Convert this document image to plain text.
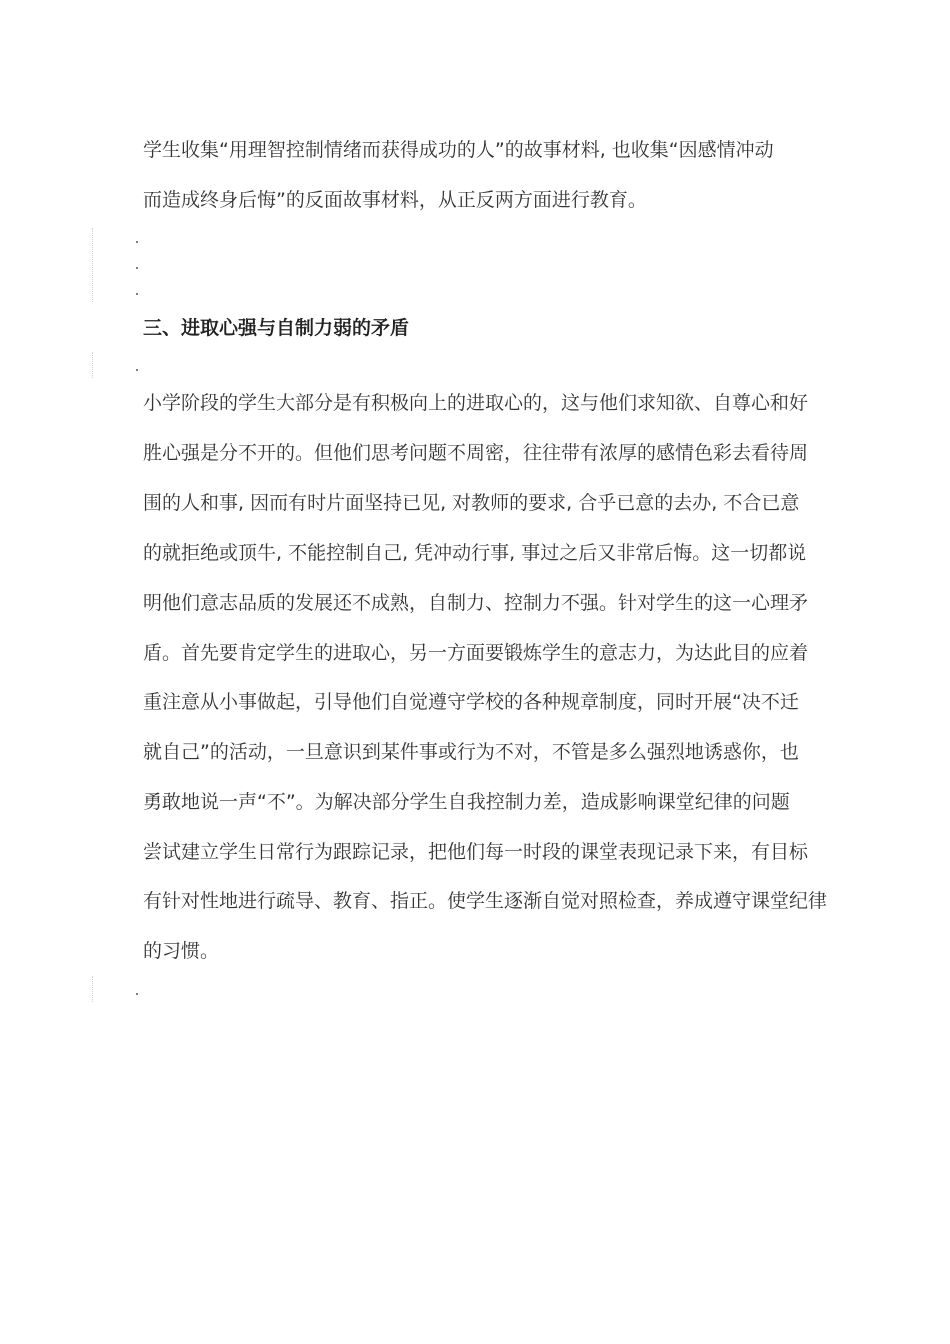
学生收集“用理智控制情绪而获得成功的人”的故事材料, 也收集“因感情冲动
而造成终身后悔”的反面故事材料，从正反两方面进行教育。
三、进取心强与自制力弱的矛盾
小学阶段的学生大部分是有积极向上的进取心的，这与他们求知欲、自尊心和好
胜心强是分不开的。但他们思考问题不周密，往往带有浓厚的感情色彩去看待周
围的人和事, 因而有时片面坚持已见, 对教师的要求, 合乎已意的去办, 不合已意
的就拒绝或顶牛, 不能控制自己, 凭冲动行事, 事过之后又非常后悔。这一切都说
明他们意志品质的发展还不成熟，自制力、控制力不强。针对学生的这一心理矛
盾。首先要肯定学生的进取心，另一方面要锻炼学生的意志力，为达此目的应着
重注意从小事做起，引导他们自觉遵守学校的各种规章制度，同时开展“决不迁
就自己”的活动，一旦意识到某件事或行为不对，不管是多么强烈地诱惑你，也
勇敢地说一声“不”。为解决部分学生自我控制力差，造成影响课堂纪律的问题
尝试建立学生日常行为跟踪记录，把他们每一时段的课堂表现记录下来，有目标
有针对性地进行疏导、教育、指正。使学生逐渐自觉对照检查，养成遵守课堂纪律
的习惯。
